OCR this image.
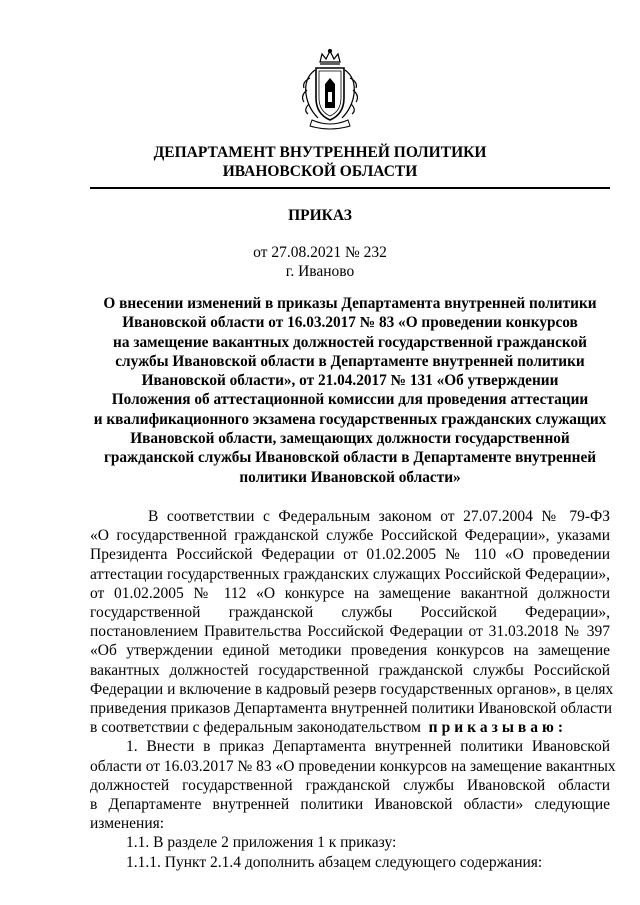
ДЕПАРТАМЕНТ ВНУТРЕННЕЙ ПОЛИТИКИ
ИВАНОВСКОЙ ОБЛАСТИ
ПРИКАЗ
от 27.08.2021 № 232
г. Иваново
О внесении изменений в приказы Департамента внутренней политики
Ивановской области от 16.03.2017 № 83 «О проведении конкурсов
на замещение вакантных должностей государственной гражданской
службы Ивановской области в Департаменте внутренней политики
Ивановской области», от 21.04.2017 № 131 «Об утверждении
Положения об аттестационной комиссии для проведения аттестации
и квалификационного экзамена государственных гражданских служащих
Ивановской области, замещающих должности государственной
гражданской службы Ивановской области в Департаменте внутренней
политики Ивановской области»
В соответствии с Федеральным законом от 27.07.2004 № 79-ФЗ
«О государственной гражданской службе Российской Федерации», указами
Президента Российской Федерации от 01.02.2005 № 110 «О проведении
аттестации государственных гражданских служащих Российской Федерации»,
от 01.02.2005 № 112 «О конкурсе на замещение вакантной должности
государственной гражданской службы Российской Федерации»,
постановлением Правительства Российской Федерации от 31.03.2018 № 397
«Об утверждении единой методики проведения конкурсов на замещение
вакантных должностей государственной гражданской службы Российской
Федерации и включение в кадровый резерв государственных органов», в целях
приведения приказов Департамента внутренней политики Ивановской области
в соответствии с федеральным законодательством приказываю:
1. Внести в приказ Департамента внутренней политики Ивановской
области от 16.03.2017 № 83 «О проведении конкурсов на замещение вакантных
должностей государственной гражданской службы Ивановской области
в Департаменте внутренней политики Ивановской области» следующие
изменения:
1.1. В разделе 2 приложения 1 к приказу:
1.1.1. Пункт 2.1.4 дополнить абзацем следующего содержания:
